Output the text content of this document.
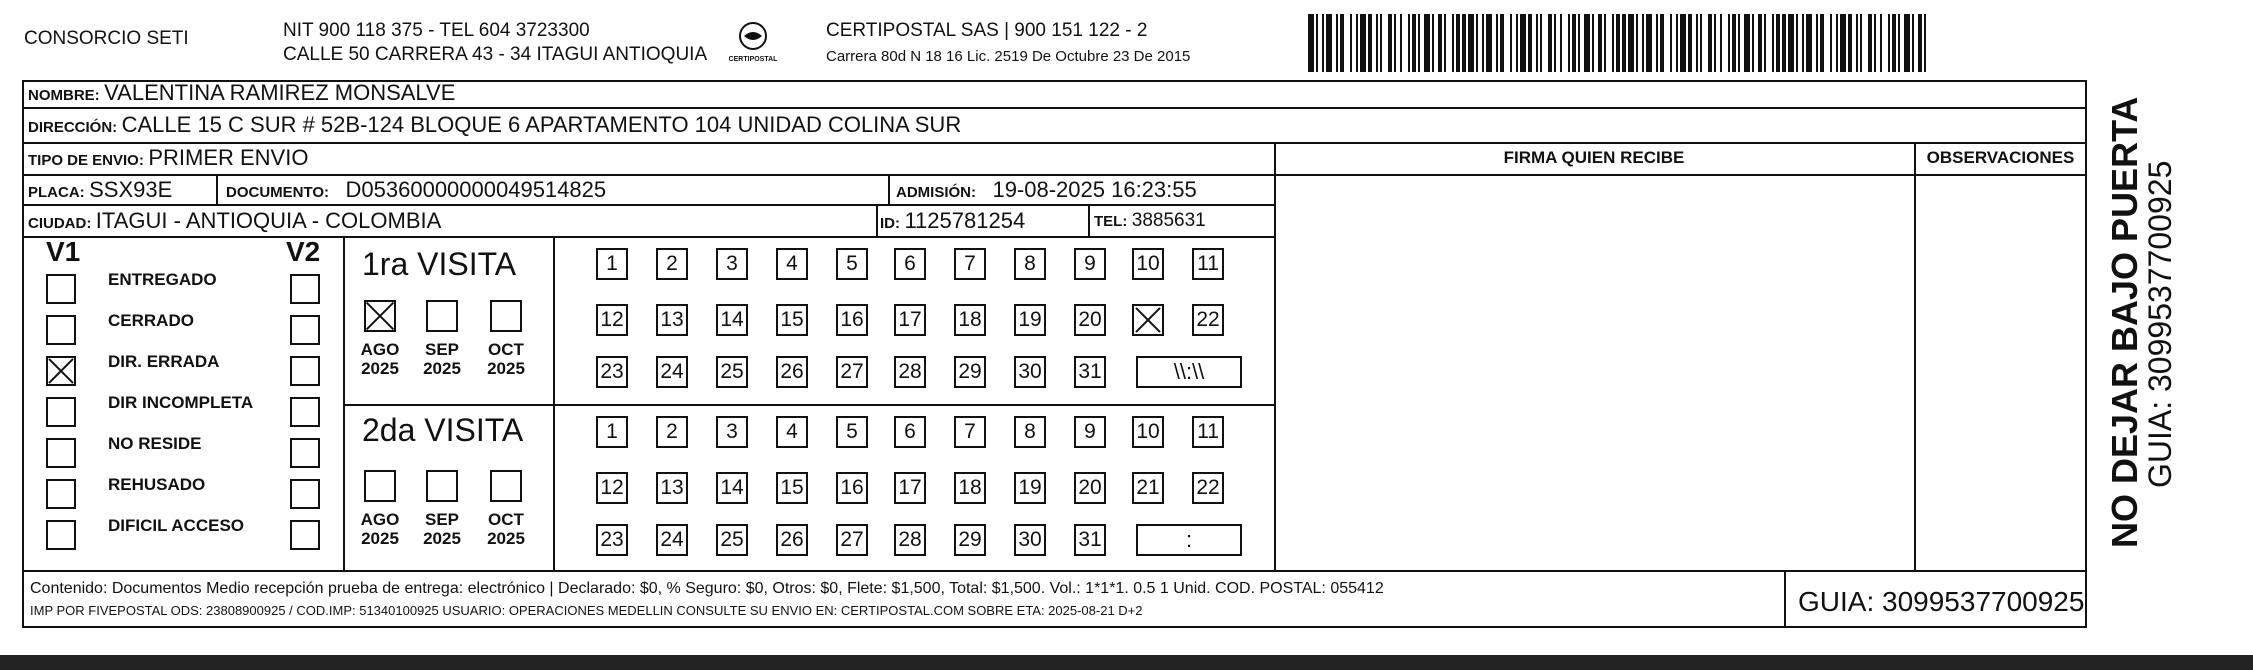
CONSORCIO SETI	NIT 900 118 375 - TEL 604 3723300
CALLE 50 CARRERA 43 - 34 ITAGUI ANTIOQUIA	CERTIPOSTAL
CERTIPOSTAL SAS | 900 151 122 - 2
Carrera 80d N 18 16 Lic. 2519 De Octubre 23 De 2015
NOMBRE: VALENTINA RAMIREZ MONSALVE
DIRECCIÓN: CALLE 15 C SUR # 52B-124 BLOQUE 6 APARTAMENTO 104 UNIDAD COLINA SUR
TIPO DE ENVIO: PRIMER ENVIO	FIRMA QUIEN RECIBE	OBSERVACIONES
PLACA: SSX93E	DOCUMENTO: D05360000000049514825	ADMISIÓN: 19-08-2025 16:23:55
CIUDAD: ITAGUI - ANTIOQUIA - COLOMBIA	ID: 1125781254	TEL: 3885631
V1	V2
ENTREGADO
CERRADO
DIR. ERRADA
DIR INCOMPLETA
NO RESIDE
REHUSADO
DIFICIL ACCESO
1ra VISITA
AGO
2025
SEP
2025
OCT
2025
1	2	3	4	5	6	7	8	9	10 11
12 13 14 15 16 17 18 19 20	22
23 24 25 26 27 28 29 30 31	\\:\\
2da VISITA
AGO
2025
SEP
2025
OCT
2025
1	2	3	4	5	6	7	8	9	10 11
12 13 14 15 16 17 18 19 20 21 22
23 24 25 26 27 28 29 30 31	:
Contenido: Documentos Medio recepción prueba de entrega: electrónico | Declarado: $0, % Seguro: $0, Otros: $0, Flete: $1,500, Total: $1,500. Vol.: 1*1*1. 0.5 1 Unid. COD. POSTAL: 055412
IMP POR FIVEPOSTAL ODS: 23808900925 / COD.IMP: 51340100925 USUARIO: OPERACIONES MEDELLIN CONSULTE SU ENVIO EN: CERTIPOSTAL.COM SOBRE ETA: 2025-08-21 D+2	GUIA: 3099537700925
NO DEJAR BAJO PUERTA
GUIA: 3099537700925
